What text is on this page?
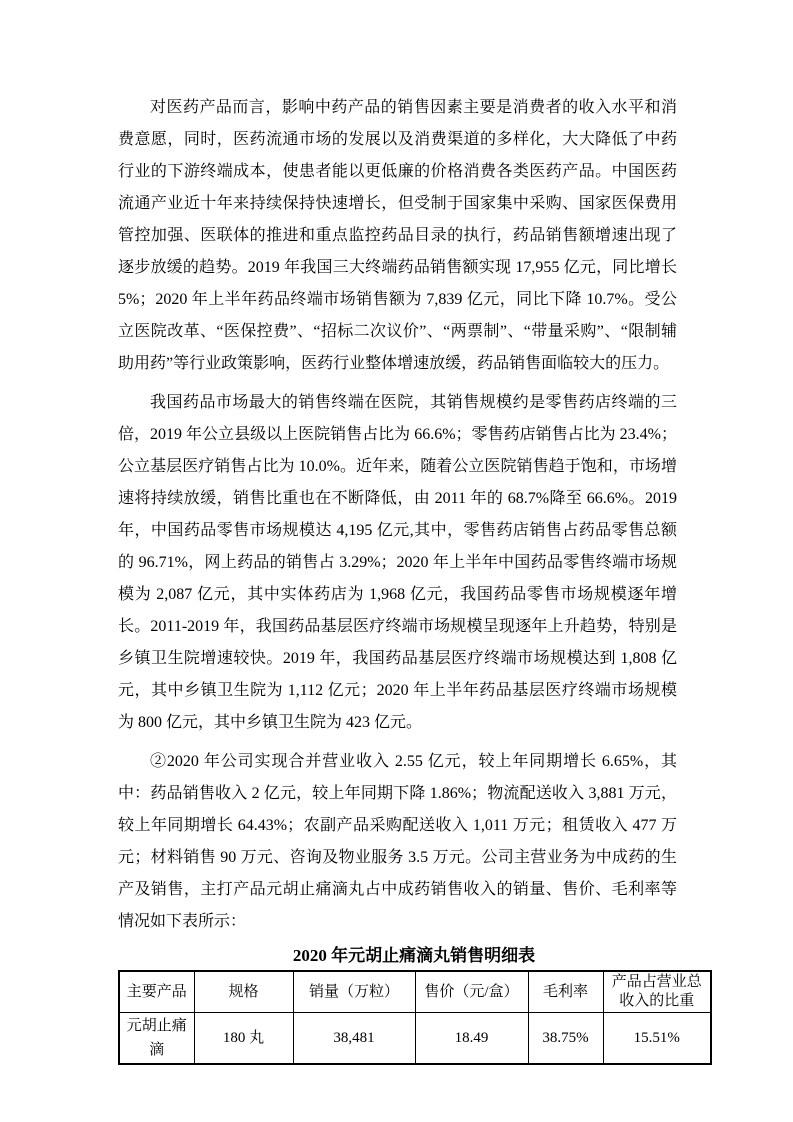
对医药产品而言，影响中药产品的销售因素主要是消费者的收入水平和消费意愿，同时，医药流通市场的发展以及消费渠道的多样化，大大降低了中药行业的下游终端成本，使患者能以更低廉的价格消费各类医药产品。中国医药流通产业近十年来持续保持快速增长，但受制于国家集中采购、国家医保费用管控加强、医联体的推进和重点监控药品目录的执行，药品销售额增速出现了逐步放缓的趋势。2019 年我国三大终端药品销售额实现 17,955 亿元，同比增长 5%；2020 年上半年药品终端市场销售额为 7,839 亿元，同比下降 10.7%。受公立医院改革、“医保控费”、“招标二次议价”、“两票制”、“带量采购”、“限制辅助用药”等行业政策影响，医药行业整体增速放缓，药品销售面临较大的压力。

我国药品市场最大的销售终端在医院，其销售规模约是零售药店终端的三倍，2019 年公立县级以上医院销售占比为 66.6%；零售药店销售占比为 23.4%；公立基层医疗销售占比为 10.0%。近年来，随着公立医院销售趋于饱和，市场增速将持续放缓，销售比重也在不断降低，由 2011 年的 68.7%降至 66.6%。2019 年，中国药品零售市场规模达 4,195 亿元,其中，零售药店销售占药品零售总额的 96.71%，网上药品的销售占 3.29%；2020 年上半年中国药品零售终端市场规模为 2,087 亿元，其中实体药店为 1,968 亿元，我国药品零售市场规模逐年增长。2011-2019 年，我国药品基层医疗终端市场规模呈现逐年上升趋势，特别是乡镇卫生院增速较快。2019 年，我国药品基层医疗终端市场规模达到 1,808 亿元，其中乡镇卫生院为 1,112 亿元；2020 年上半年药品基层医疗终端市场规模为 800 亿元，其中乡镇卫生院为 423 亿元。

②2020 年公司实现合并营业收入 2.55 亿元，较上年同期增长 6.65%，其中：药品销售收入 2 亿元，较上年同期下降 1.86%；物流配送收入 3,881 万元，较上年同期增长 64.43%；农副产品采购配送收入 1,011 万元；租赁收入 477 万元；材料销售 90 万元、咨询及物业服务 3.5 万元。公司主营业务为中成药的生产及销售，主打产品元胡止痛滴丸占中成药销售收入的销量、售价、毛利率等情况如下表所示：

2020 年元胡止痛滴丸销售明细表
主要产品	规格	销量（万粒）	售价（元/盒）	毛利率	产品占营业总收入的比重
元胡止痛滴	180 丸	38,481	18.49	38.75%	15.51%
